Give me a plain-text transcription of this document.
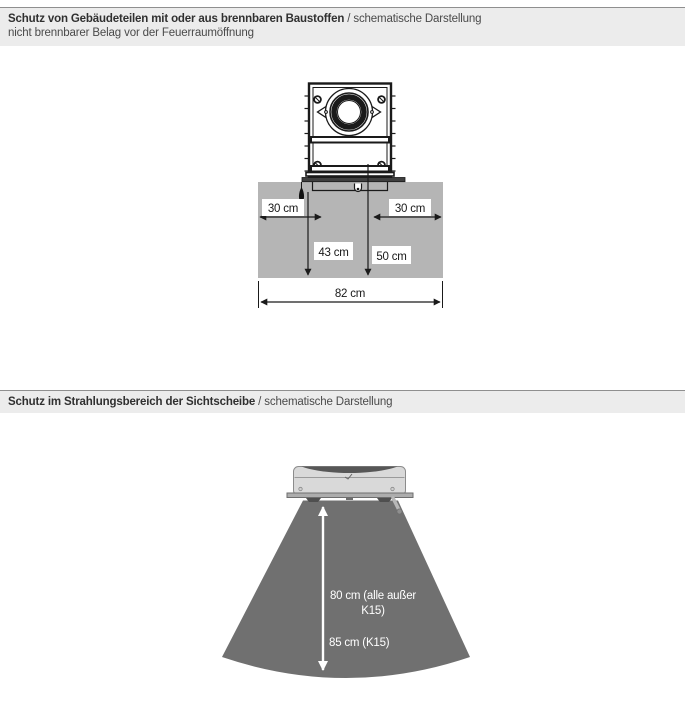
Schutz von Gebäudeteilen mit oder aus brennbaren Baustoffen / schematische Darstellung
nicht brennbarer Belag vor der Feuerraumöffnung
Schutz im Strahlungsbereich der Sichtscheibe / schematische Darstellung
30 cm	30 cm
43 cm 50 cm
82 cm
80 cm (alle außer
K15)
85 cm (K15)
